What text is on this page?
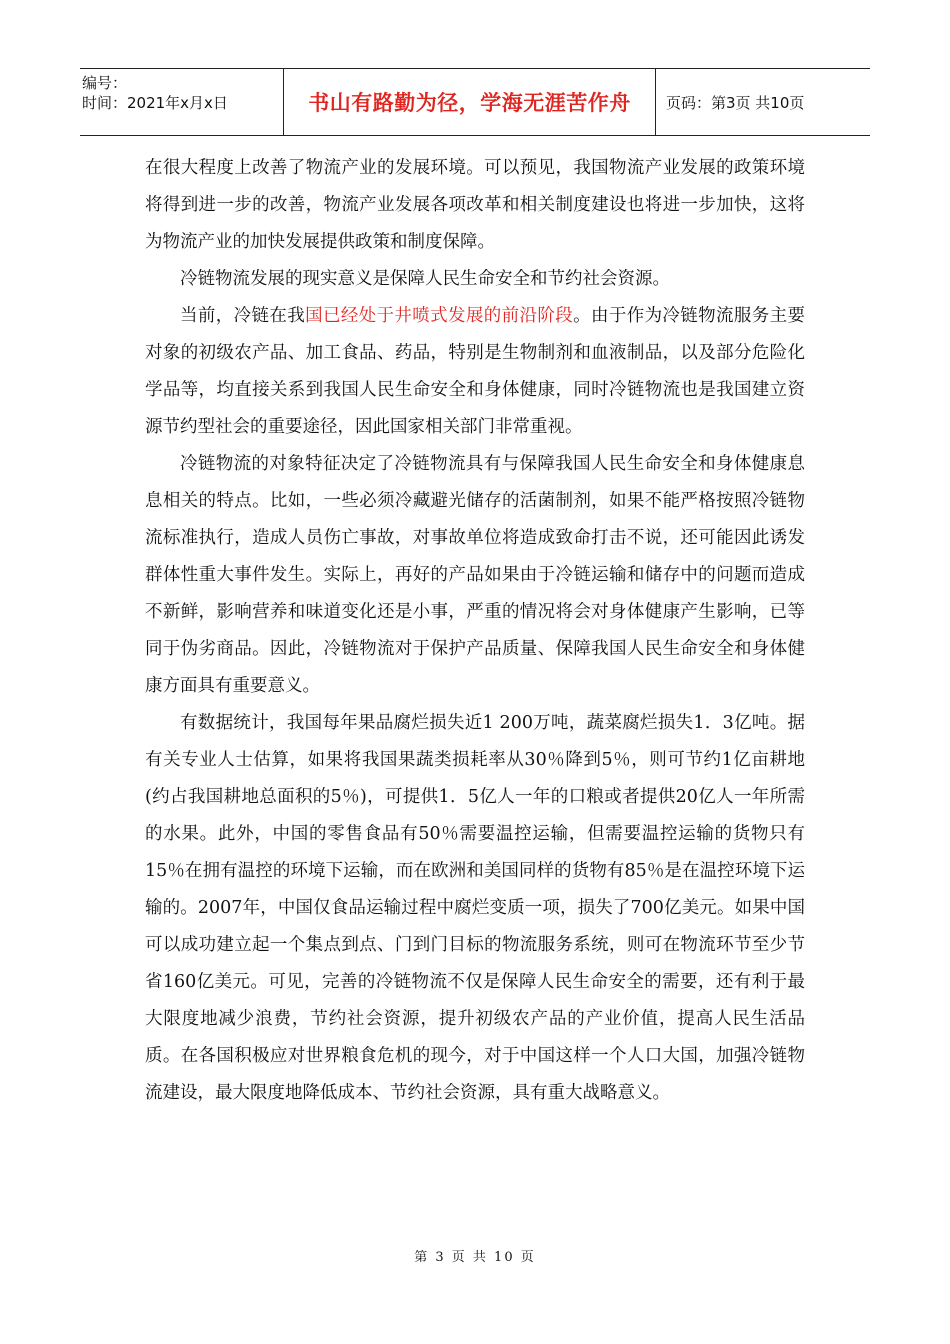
编号：
时间：2021年x月x日	书山有路勤为径，学海无涯苦作舟 页码：第3页 共10页

在很大程度上改善了物流产业的发展环境。可以预见，我国物流产业发展的政策环境将得到进一步的改善，物流产业发展各项改革和相关制度建设也将进一步加快，这将为物流产业的加快发展提供政策和制度保障。

冷链物流发展的现实意义是保障人民生命安全和节约社会资源。

当前，冷链在我国已经处于井喷式发展的前沿阶段。由于作为冷链物流服务主要对象的初级农产品、加工食品、药品，特别是生物制剂和血液制品，以及部分危险化学品等，均直接关系到我国人民生命安全和身体健康，同时冷链物流也是我国建立资源节约型社会的重要途径，因此国家相关部门非常重视。

冷链物流的对象特征决定了冷链物流具有与保障我国人民生命安全和身体健康息息相关的特点。比如，一些必须冷藏避光储存的活菌制剂，如果不能严格按照冷链物流标准执行，造成人员伤亡事故，对事故单位将造成致命打击不说，还可能因此诱发群体性重大事件发生。实际上，再好的产品如果由于冷链运输和储存中的问题而造成不新鲜，影响营养和味道变化还是小事，严重的情况将会对身体健康产生影响，已等同于伪劣商品。因此，冷链物流对于保护产品质量、保障我国人民生命安全和身体健康方面具有重要意义。

有数据统计，我国每年果品腐烂损失近1 200万吨，蔬菜腐烂损失1．3亿吨。据有关专业人士估算，如果将我国果蔬类损耗率从30％降到5％，则可节约1亿亩耕地(约占我国耕地总面积的5％)，可提供1．5亿人一年的口粮或者提供20亿人一年所需的水果。此外，中国的零售食品有50％需要温控运输，但需要温控运输的货物只有15％在拥有温控的环境下运输，而在欧洲和美国同样的货物有85％是在温控环境下运输的。2007年，中国仅食品运输过程中腐烂变质一项，损失了700亿美元。如果中国可以成功建立起一个集点到点、门到门目标的物流服务系统，则可在物流环节至少节省160亿美元。可见，完善的冷链物流不仅是保障人民生命安全的需要，还有利于最大限度地减少浪费，节约社会资源，提升初级农产品的产业价值，提高人民生活品质。在各国积极应对世界粮食危机的现今，对于中国这样一个人口大国，加强冷链物流建设，最大限度地降低成本、节约社会资源，具有重大战略意义。

第 3 页 共 10 页
